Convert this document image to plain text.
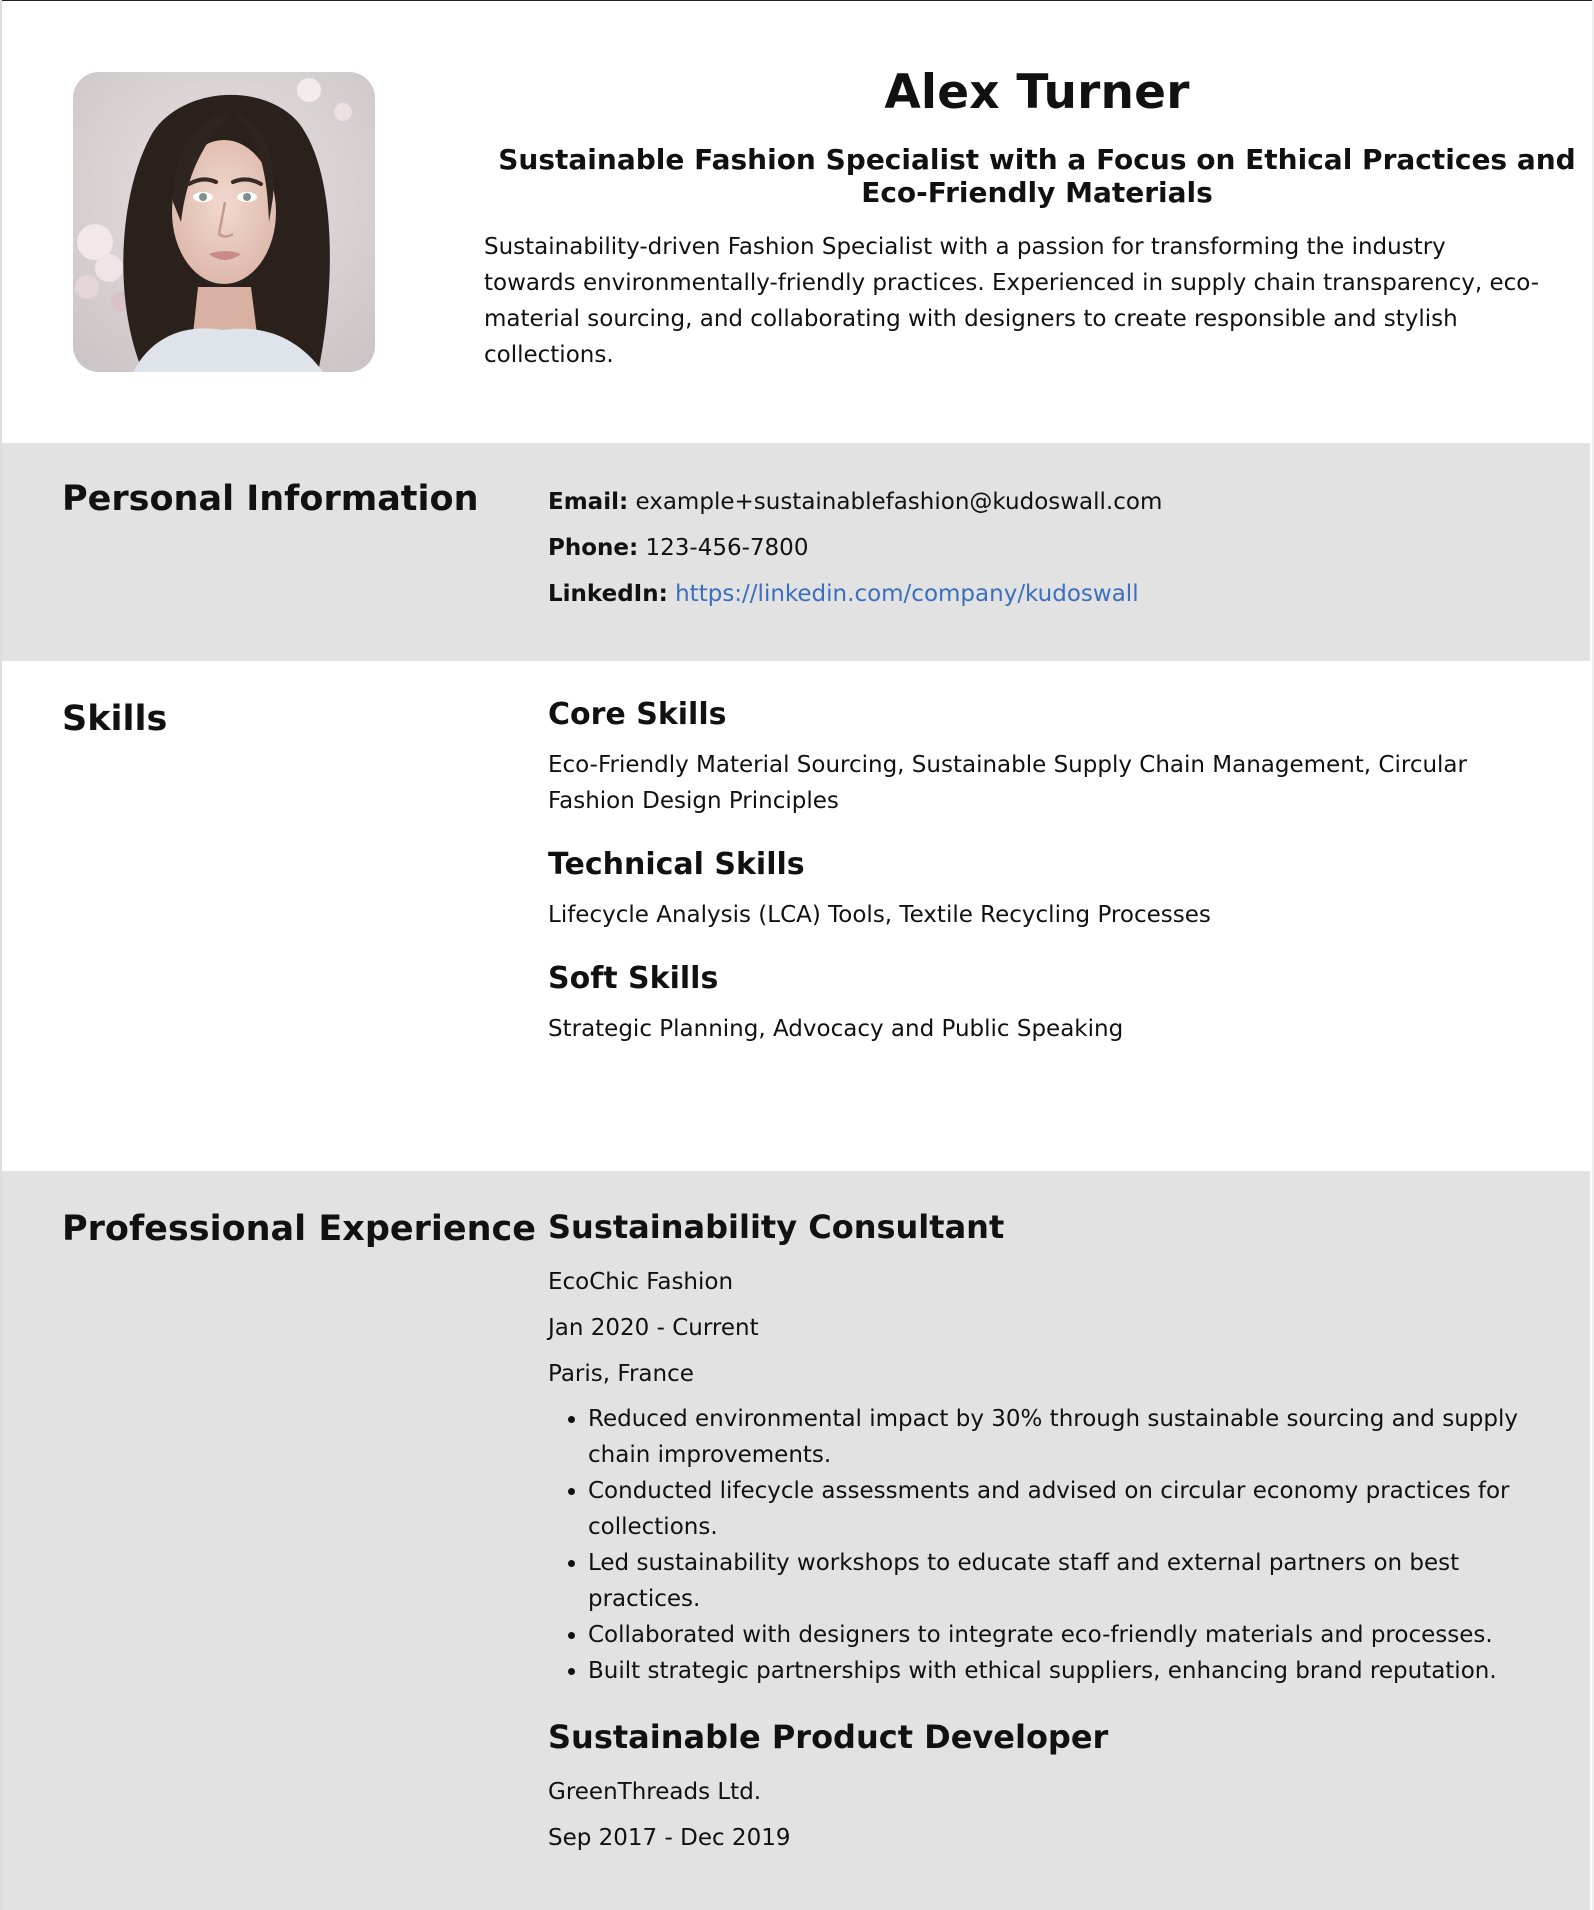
Alex Turner
Sustainable Fashion Specialist with a Focus on Ethical Practices and Eco-Friendly Materials
Sustainability-driven Fashion Specialist with a passion for transforming the industry towards environmentally-friendly practices. Experienced in supply chain transparency, eco-material sourcing, and collaborating with designers to create responsible and stylish collections.
Personal Information	Email: example+sustainablefashion@kudoswall.com
Phone: 123-456-7800
LinkedIn: https://linkedin.com/company/kudoswall
Skills	Core Skills
Eco-Friendly Material Sourcing, Sustainable Supply Chain Management, Circular Fashion Design Principles
Technical Skills
Lifecycle Analysis (LCA) Tools, Textile Recycling Processes
Soft Skills
Strategic Planning, Advocacy and Public Speaking
Professional Experience Sustainability Consultant
EcoChic Fashion
Jan 2020 - Current
Paris, France
• Reduced environmental impact by 30% through sustainable sourcing and supply chain improvements.
• Conducted lifecycle assessments and advised on circular economy practices for collections.
• Led sustainability workshops to educate staff and external partners on best practices.
• Collaborated with designers to integrate eco-friendly materials and processes.
• Built strategic partnerships with ethical suppliers, enhancing brand reputation.
Sustainable Product Developer
GreenThreads Ltd.
Sep 2017 - Dec 2019
